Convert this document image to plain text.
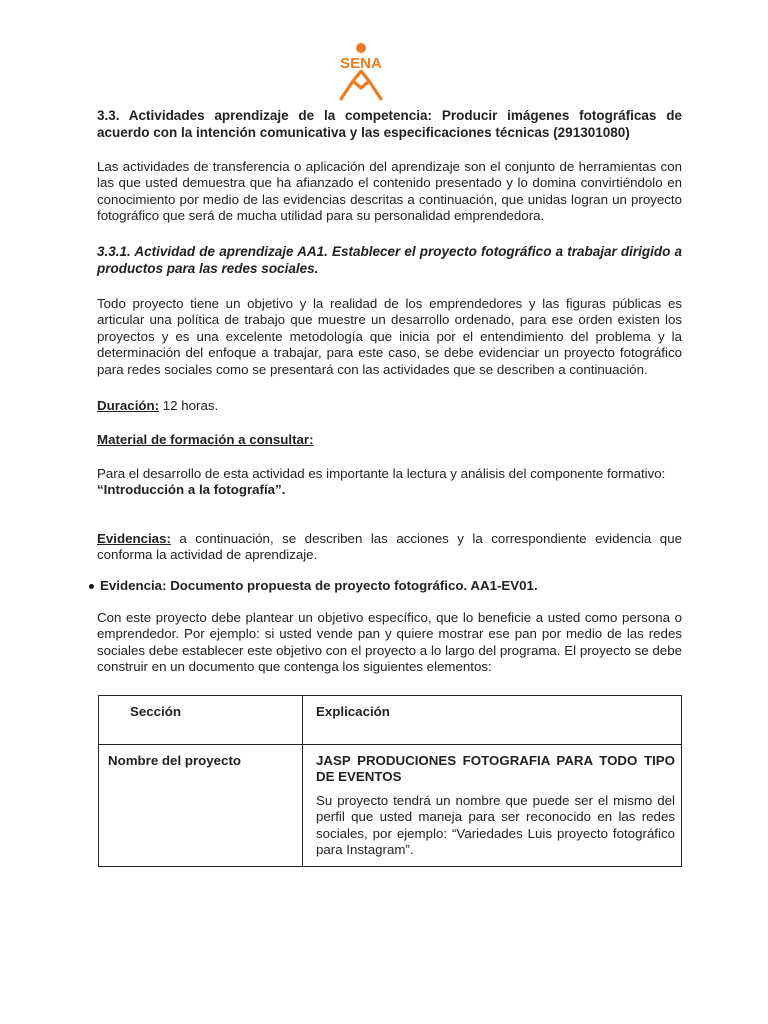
SENA

3.3. Actividades aprendizaje de la competencia: Producir imágenes fotográficas de acuerdo con la intención comunicativa y las especificaciones técnicas (291301080)

Las actividades de transferencia o aplicación del aprendizaje son el conjunto de herramientas con las que usted demuestra que ha afianzado el contenido presentado y lo domina convirtiéndolo en conocimiento por medio de las evidencias descritas a continuación, que unidas logran un proyecto fotográfico que será de mucha utilidad para su personalidad emprendedora.

3.3.1. Actividad de aprendizaje AA1. Establecer el proyecto fotográfico a trabajar dirigido a productos para las redes sociales.

Todo proyecto tiene un objetivo y la realidad de los emprendedores y las figuras públicas es articular una política de trabajo que muestre un desarrollo ordenado, para ese orden existen los proyectos y es una excelente metodología que inicia por el entendimiento del problema y la determinación del enfoque a trabajar, para este caso, se debe evidenciar un proyecto fotográfico para redes sociales como se presentará con las actividades que se describen a continuación.

Duración: 12 horas.

Material de formación a consultar:

Para el desarrollo de esta actividad es importante la lectura y análisis del componente formativo:

“Introducción a la fotografía”.

Evidencias: a continuación, se describen las acciones y la correspondiente evidencia que conforma la actividad de aprendizaje.

Evidencia: Documento propuesta de proyecto fotográfico. AA1-EV01.

Con este proyecto debe plantear un objetivo específico, que lo beneficie a usted como persona o emprendedor. Por ejemplo: si usted vende pan y quiere mostrar ese pan por medio de las redes sociales debe establecer este objetivo con el proyecto a lo largo del programa. El proyecto se debe construir en un documento que contenga los siguientes elementos:

Sección	Explicación
Nombre del proyecto	JASP PRODUCIONES FOTOGRAFIA PARA TODO TIPO DE EVENTOS

Su proyecto tendrá un nombre que puede ser el mismo del perfil que usted maneja para ser reconocido en las redes sociales, por ejemplo: “Variedades Luis proyecto fotográfico para Instagram”.
